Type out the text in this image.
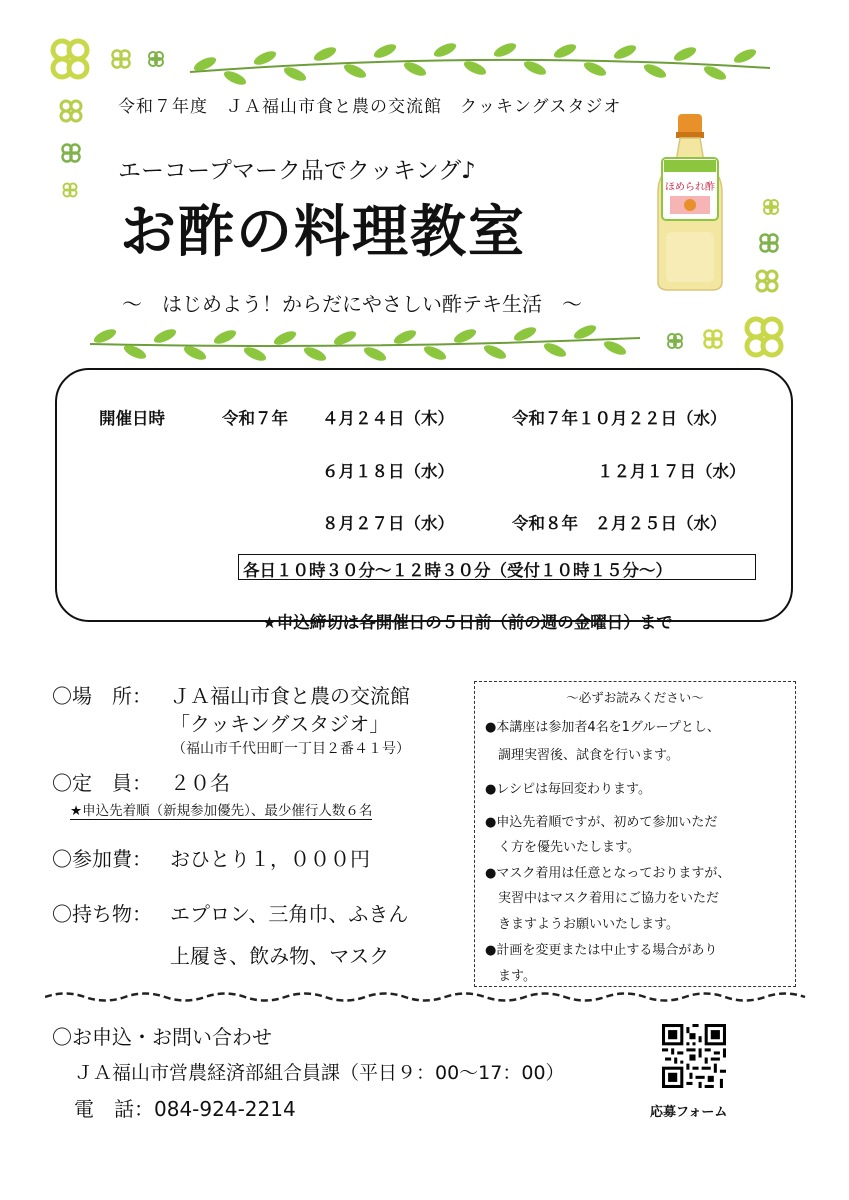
令和７年度　ＪＡ福山市食と農の交流館　クッキングスタジオ
エーコープマーク品でクッキング♪
お酢の料理教室
～　はじめよう！からだにやさしい酢テキ生活　～
ほめられ酢
開催日時	令和７年 ４月２４日（木）
６月１８日（水）
８月２７日（水）
令和７年１０月２２日（水）
１２月１７日（水）
令和８年　２月２５日（水）
各日１０時３０分～１２時３０分（受付１０時１５分～）
★申込締切は各開催日の５日前（前の週の金曜日）まで
〇場　所： ＪＡ福山市食と農の交流館
「クッキングスタジオ」
（福山市千代田町一丁目２番４１号）
〇定　員： ２０名
★申込先着順（新規参加優先）、最少催行人数６名
〇参加費： おひとり１，０００円
〇持ち物： エプロン、三角巾、ふきん
上履き、飲み物、マスク
～必ずお読みください～
●本講座は参加者4名を1グループとし、
　調理実習後、試食を行います。
●レシピは毎回変わります。
●申込先着順ですが、初めて参加いただ
　く方を優先いたします。
●マスク着用は任意となっておりますが、
　実習中はマスク着用にご協力をいただ
　きますようお願いいたします。
●計画を変更または中止する場合があり
　ます。
〇お申込・お問い合わせ
ＪＡ福山市営農経済部組合員課（平日９：00～17：00）
電　話：084-924-2214	応募フォーム
